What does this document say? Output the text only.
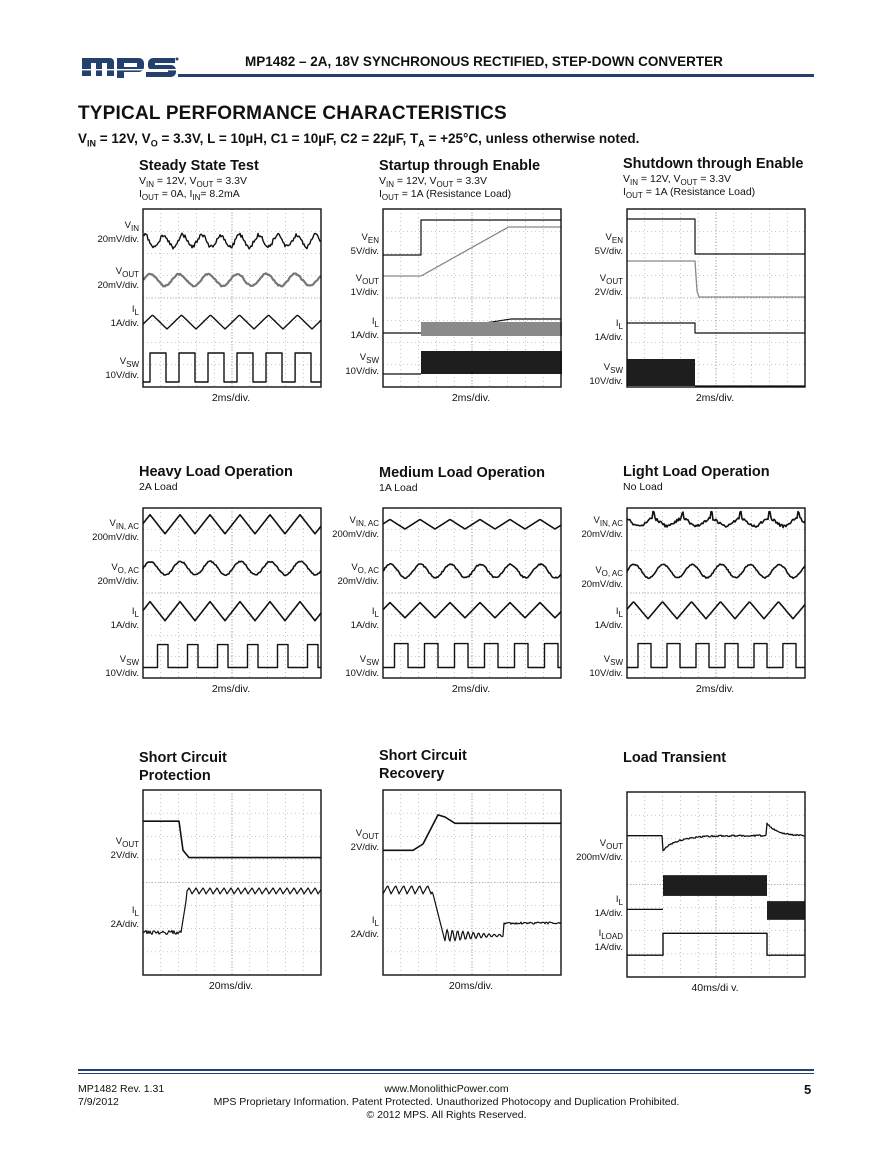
MP1482 – 2A, 18V SYNCHRONOUS RECTIFIED, STEP-DOWN CONVERTER
TYPICAL PERFORMANCE CHARACTERISTICS
$V_{IN} = 12V$, $V_O = 3.3V$, L = 10µH, C1 = 10µF, C2 = 22µF, $T_A = +25^\circ C$, unless otherwise noted.
Steady State Test
$V_{IN} = 12V$, $V_{OUT} = 3.3V$
$I_{OUT} = 0A$, $I_{IN}= 8.2mA$
$V_{IN}$
20mV/div.
$V_{OUT}$
20mV/div.
$I_L$
1A/div.
$V_{SW}$
10V/div.
2ms/div.
Startup through Enable
$V_{IN} = 12V$, $V_{OUT} = 3.3V$
$I_{OUT} = 1A$ (Resistance Load)
$V_{EN}$
5V/div.
$V_{OUT}$
1V/div.
$I_L$
1A/div.
$V_{SW}$
10V/div.
2ms/div.
Shutdown through Enable
$V_{IN} = 12V$, $V_{OUT} = 3.3V$
$I_{OUT} = 1A$ (Resistance Load)
$V_{EN}$
5V/div.
$V_{OUT}$
2V/div.
$I_L$
1A/div.
$V_{SW}$
10V/div.
2ms/div.
Heavy Load Operation
2A Load
$V_{IN, AC}$
200mV/div.
$V_{O, AC}$
20mV/div.
$I_L$
1A/div.
$V_{SW}$
10V/div.
2ms/div.
Medium Load Operation
1A Load
$V_{IN, AC}$
200mV/div.
$V_{O, AC}$
20mV/div.
$I_L$
1A/div.
$V_{SW}$
10V/div.
2ms/div.
Light Load Operation
No Load
$V_{IN, AC}$
20mV/div.
$V_{O, AC}$
20mV/div.
$I_L$
1A/div.
$V_{SW}$
10V/div.
2ms/div.
Short Circuit
Protection
$V_{OUT}$
2V/div.
$I_L$
2A/div.
20ms/div.
Short Circuit
Recovery
$V_{OUT}$
2V/div.
$I_L$
2A/div.
20ms/div.
Load Transient
$V_{OUT}$
200mV/div.
$I_L$
1A/div.
$I_{LOAD}$
1A/div.
40ms/di v.
MP1482 Rev. 1.31
7/9/2012
www.MonolithicPower.com
MPS Proprietary Information. Patent Protected. Unauthorized Photocopy and Duplication Prohibited.
© 2012 MPS. All Rights Reserved.
5
